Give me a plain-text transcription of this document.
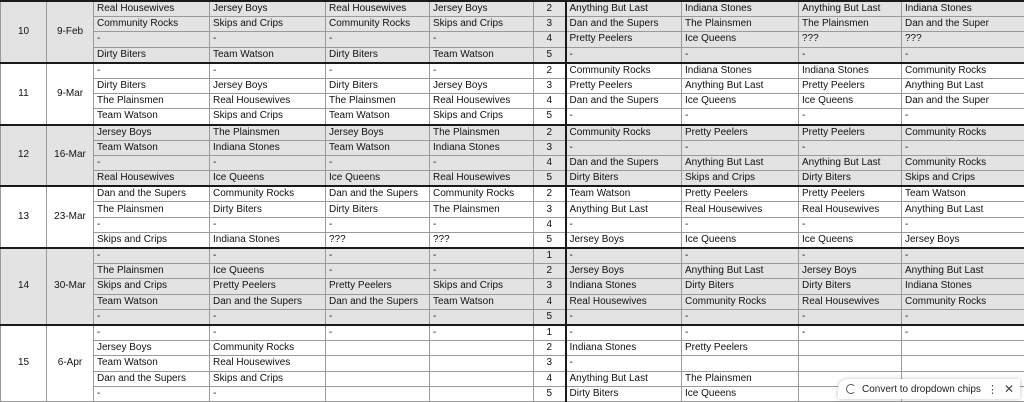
10	9-Feb	Real Housewives	Jersey Boys	Real Housewives	Jersey Boys	2	Anything But Last	Indiana Stones	Anything But Last	Indiana Stones
		Community Rocks	Skips and Crips	Community Rocks	Skips and Crips	3	Dan and the Supers	The Plainsmen	The Plainsmen	Dan and the Super
		-	-	-	-	4	Pretty Peelers	Ice Queens	???	???
		Dirty Biters	Team Watson	Dirty Biters	Team Watson	5	-	-	-	-
11	9-Mar	-	-	-	-	2	Community Rocks	Indiana Stones	Indiana Stones	Community Rocks
		Dirty Biters	Jersey Boys	Dirty Biters	Jersey Boys	3	Pretty Peelers	Anything But Last	Pretty Peelers	Anything But Last
		The Plainsmen	Real Housewives	The Plainsmen	Real Housewives	4	Dan and the Supers	Ice Queens	Ice Queens	Dan and the Super
		Team Watson	Skips and Crips	Team Watson	Skips and Crips	5	-	-	-	-
12	16-Mar	Jersey Boys	The Plainsmen	Jersey Boys	The Plainsmen	2	Community Rocks	Pretty Peelers	Pretty Peelers	Community Rocks
		Team Watson	Indiana Stones	Team Watson	Indiana Stones	3	-	-	-	-
		-	-	-	-	4	Dan and the Supers	Anything But Last	Anything But Last	Community Rocks
		Real Housewives	Ice Queens	Ice Queens	Real Housewives	5	Dirty Biters	Skips and Crips	Dirty Biters	Skips and Crips
13	23-Mar	Dan and the Supers	Community Rocks	Dan and the Supers	Community Rocks	2	Team Watson	Pretty Peelers	Pretty Peelers	Team Watson
		The Plainsmen	Dirty Biters	Dirty Biters	The Plainsmen	3	Anything But Last	Real Housewives	Real Housewives	Anything But Last
		-	-	-	-	4	-	-	-	-
		Skips and Crips	Indiana Stones	???	???	5	Jersey Boys	Ice Queens	Ice Queens	Jersey Boys
14	30-Mar	-	-	-	-	1	-	-	-	-
		The Plainsmen	Ice Queens	-	-	2	Jersey Boys	Anything But Last	Jersey Boys	Anything But Last
		Skips and Crips	Pretty Peelers	Pretty Peelers	Skips and Crips	3	Indiana Stones	Dirty Biters	Dirty Biters	Indiana Stones
		Team Watson	Dan and the Supers	Dan and the Supers	Team Watson	4	Real Housewives	Community Rocks	Real Housewives	Community Rocks
		-	-	-	-	5	-	-	-	-
15	6-Apr	-	-	-	-	1	-	-	-	-
		Jersey Boys	Community Rocks			2	Indiana Stones	Pretty Peelers		
		Team Watson	Real Housewives			3	-			
		Dan and the Supers	Skips and Crips			4	Anything But Last	The Plainsmen		
		-	-			5	Dirty Biters	Ice Queens			Convert to dropdown chips ⋮ ✕
